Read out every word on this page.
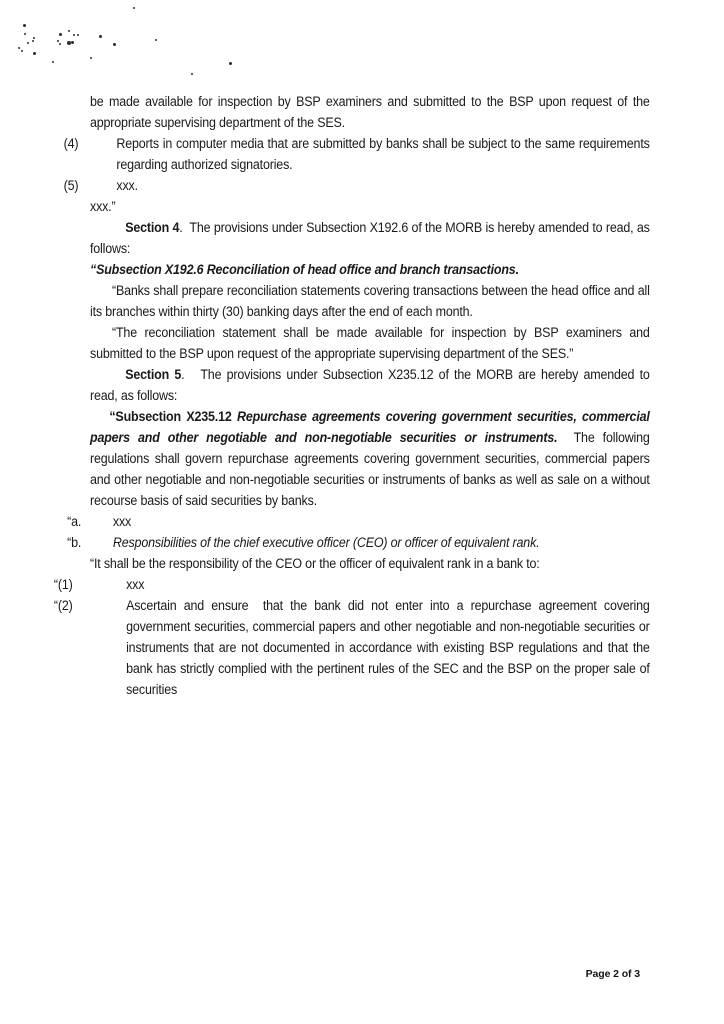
be made available for inspection by BSP examiners and submitted to the BSP upon request of the appropriate supervising department of the SES.

(4)	Reports in computer media that are submitted by banks shall be subject to the same requirements regarding authorized signatories.

(5)	xxx.

xxx.”

Section 4.  The provisions under Subsection X192.6 of the MORB is hereby amended to read, as follows:

“Subsection X192.6 Reconciliation of head office and branch transactions.

“Banks shall prepare reconciliation statements covering transactions between the head office and all its branches within thirty (30) banking days after the end of each month.

“The reconciliation statement shall be made available for inspection by BSP examiners and submitted to the BSP upon request of the appropriate supervising department of the SES.”

Section 5.   The provisions under Subsection X235.12 of the MORB are hereby amended to read, as follows:

“Subsection X235.12 Repurchase agreements covering government securities, commercial papers and other negotiable and non-negotiable securities or instruments.  The following regulations shall govern repurchase agreements covering government securities, commercial papers and other negotiable and non-negotiable securities or instruments of banks as well as sale on a without recourse basis of said securities by banks.

“a. xxx

“b. Responsibilities of the chief executive officer (CEO) or officer of equivalent rank.

“It shall be the responsibility of the CEO or the officer of equivalent rank in a bank to:

“(1)	xxx

“(2)	Ascertain and ensure  that the bank did not enter into a repurchase agreement covering government securities, commercial papers and other negotiable and non-negotiable securities or instruments that are not documented in accordance with existing BSP regulations and that the bank has strictly complied with the pertinent rules of the SEC and the BSP on the proper sale of securities

Page 2 of 3
